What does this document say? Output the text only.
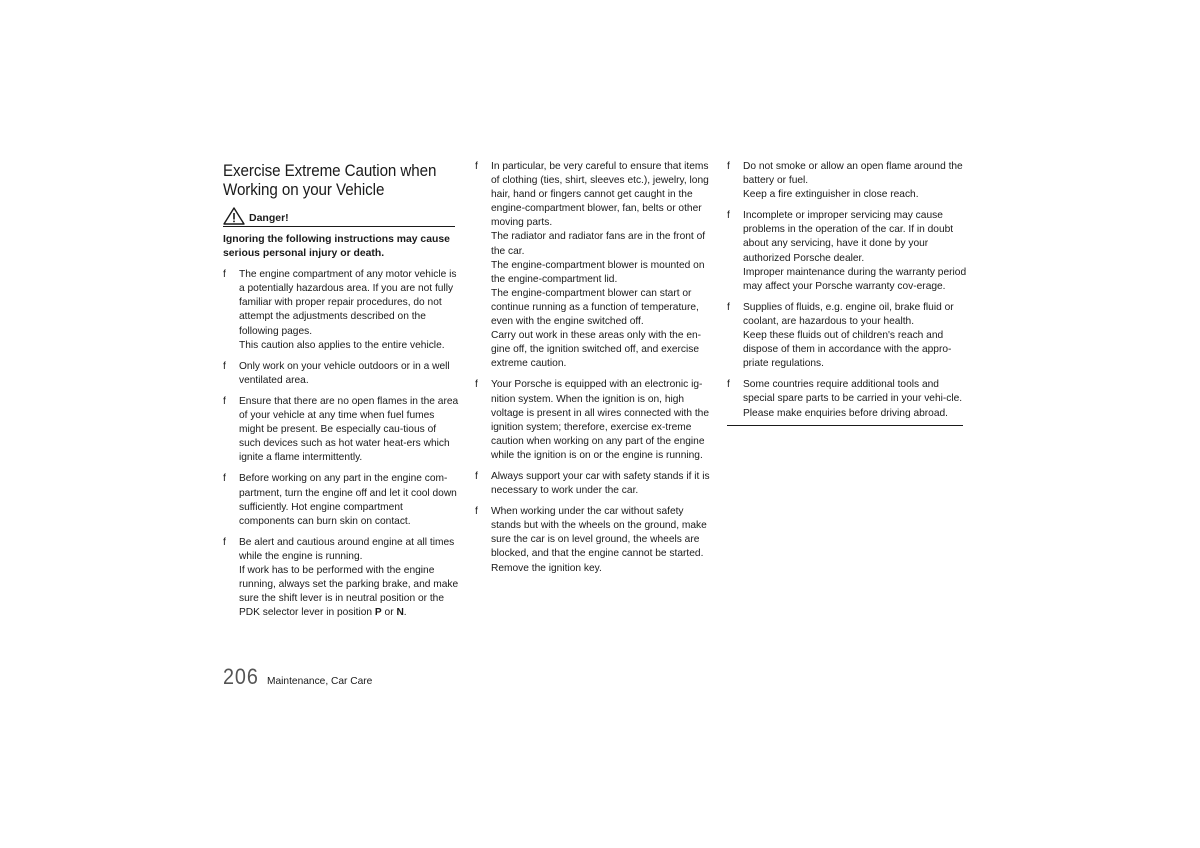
Exercise Extreme Caution when
Working on your Vehicle
Danger!
Ignoring the following instructions may cause serious personal injury or death.
f The engine compartment of any motor vehicle is a potentially hazardous area. If you are not fully familiar with proper repair procedures, do not attempt the adjustments described on the following pages.
This caution also applies to the entire vehicle.
f Only work on your vehicle outdoors or in a well ventilated area.
f Ensure that there are no open flames in the area of your vehicle at any time when fuel fumes might be present. Be especially cau-tious of such devices such as hot water heat-ers which ignite a flame intermittently.
f Before working on any part in the engine com-partment, turn the engine off and let it cool down sufficiently. Hot engine compartment components can burn skin on contact.
f Be alert and cautious around engine at all times while the engine is running.
If work has to be performed with the engine running, always set the parking brake, and make sure the shift lever is in neutral position or the PDK selector lever in position P or N.
f In particular, be very careful to ensure that items of clothing (ties, shirt, sleeves etc.), jewelry, long hair, hand or fingers cannot get caught in the engine-compartment blower, fan, belts or other moving parts.
The radiator and radiator fans are in the front of the car.
The engine-compartment blower is mounted on the engine-compartment lid.
The engine-compartment blower can start or continue running as a function of temperature, even with the engine switched off.
Carry out work in these areas only with the en-gine off, the ignition switched off, and exercise extreme caution.
f Your Porsche is equipped with an electronic ig-nition system. When the ignition is on, high voltage is present in all wires connected with the ignition system; therefore, exercise ex-treme caution when working on any part of the engine while the ignition is on or the engine is running.
f Always support your car with safety stands if it is necessary to work under the car.
f When working under the car without safety stands but with the wheels on the ground, make sure the car is on level ground, the wheels are blocked, and that the engine cannot be started.
Remove the ignition key.
f Do not smoke or allow an open flame around the battery or fuel.
Keep a fire extinguisher in close reach.
f Incomplete or improper servicing may cause problems in the operation of the car. If in doubt about any servicing, have it done by your authorized Porsche dealer.
Improper maintenance during the warranty period may affect your Porsche warranty cov-erage.
f Supplies of fluids, e.g. engine oil, brake fluid or coolant, are hazardous to your health.
Keep these fluids out of children's reach and dispose of them in accordance with the appro-priate regulations.
f Some countries require additional tools and special spare parts to be carried in your vehi-cle.
Please make enquiries before driving abroad.
206 Maintenance, Car Care
